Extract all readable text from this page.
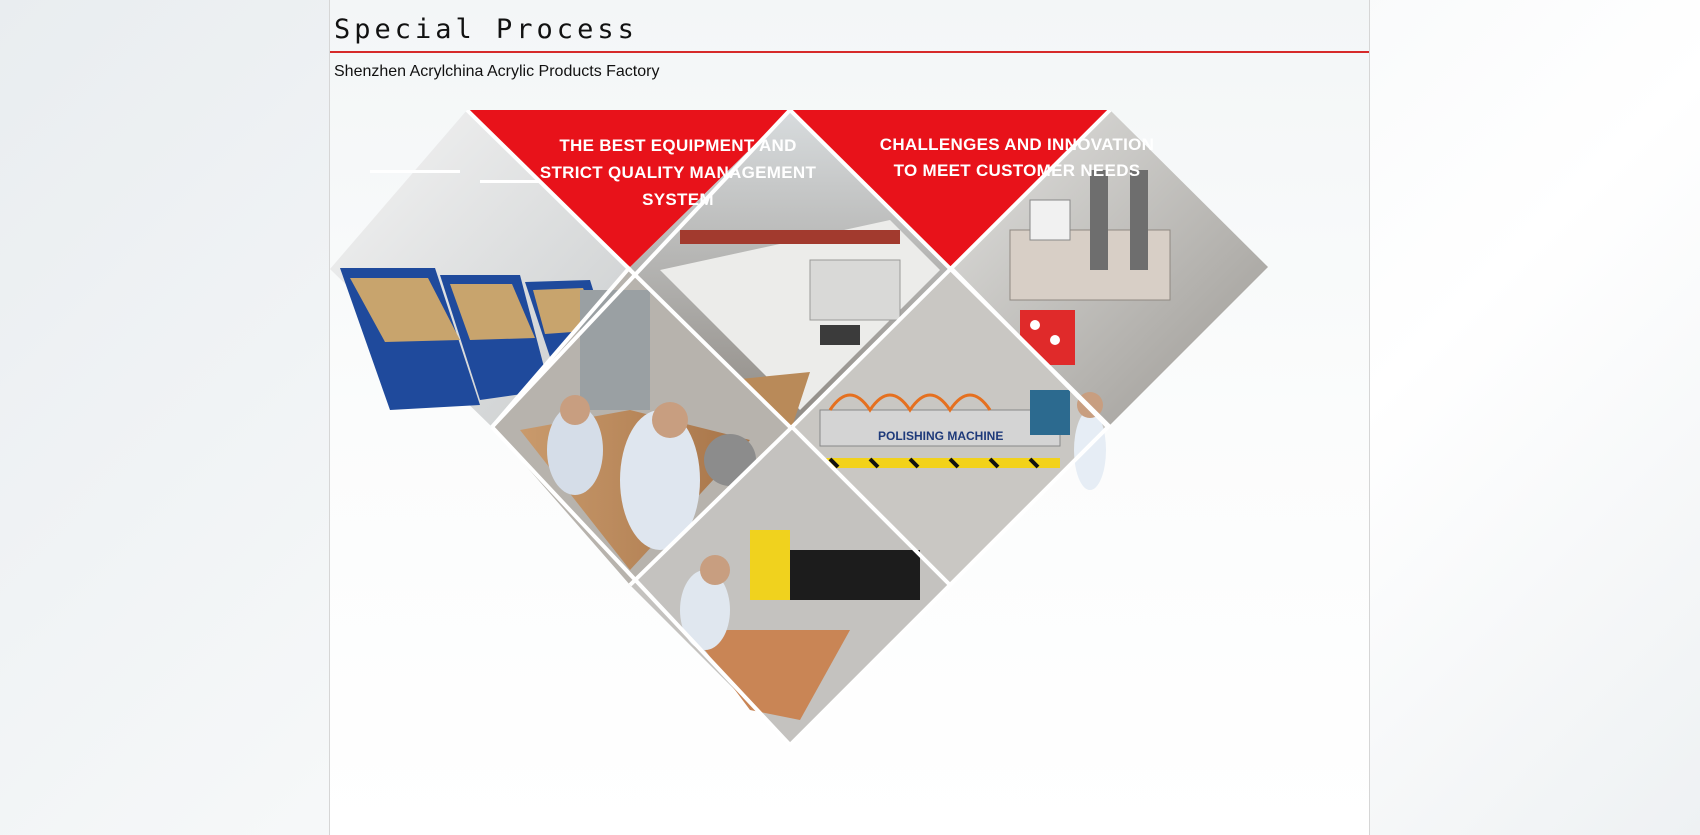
Special Process

Shenzhen Acrylchina Acrylic Products Factory

POLISHING MACHINE
THE BEST EQUIPMENT AND STRICT QUALITY MANAGEMENT SYSTEM
CHALLENGES AND INNOVATION TO MEET CUSTOMER NEEDS
